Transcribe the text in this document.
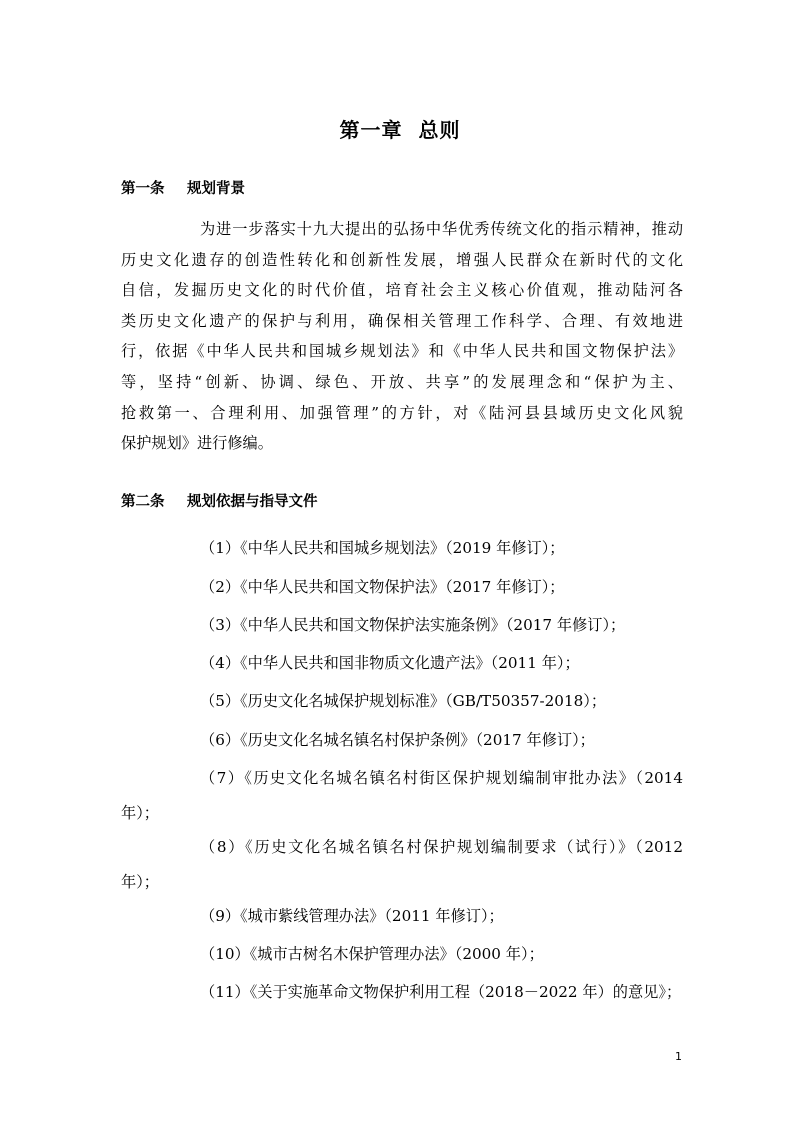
第一章  总则
第一条 规划背景
为进一步落实十九大提出的弘扬中华优秀传统文化的指示精神，推动
历史文化遗存的创造性转化和创新性发展，增强人民群众在新时代的文化
自信，发掘历史文化的时代价值，培育社会主义核心价值观，推动陆河各
类历史文化遗产的保护与利用，确保相关管理工作科学、合理、有效地进
行，依据《中华人民共和国城乡规划法》和《中华人民共和国文物保护法》
等，坚持“创新、协调、绿色、开放、共享”的发展理念和“保护为主、
抢救第一、合理利用、加强管理”的方针，对《陆河县县域历史文化风貌
保护规划》进行修编。
第二条 规划依据与指导文件
（1）《中华人民共和国城乡规划法》（2019 年修订）；
（2）《中华人民共和国文物保护法》（2017 年修订）；
（3）《中华人民共和国文物保护法实施条例》（2017 年修订）；
（4）《中华人民共和国非物质文化遗产法》（2011 年）；
（5）《历史文化名城保护规划标准》（GB/T50357-2018）；
（6）《历史文化名城名镇名村保护条例》（2017 年修订）；
（7）《历史文化名城名镇名村街区保护规划编制审批办法》（2014
年）；
（8）《历史文化名城名镇名村保护规划编制要求（试行）》（2012
年）；
（9）《城市紫线管理办法》（2011 年修订）；
（10）《城市古树名木保护管理办法》（2000 年）；
（11）《关于实施革命文物保护利用工程（2018－2022 年）的意见》；
1
